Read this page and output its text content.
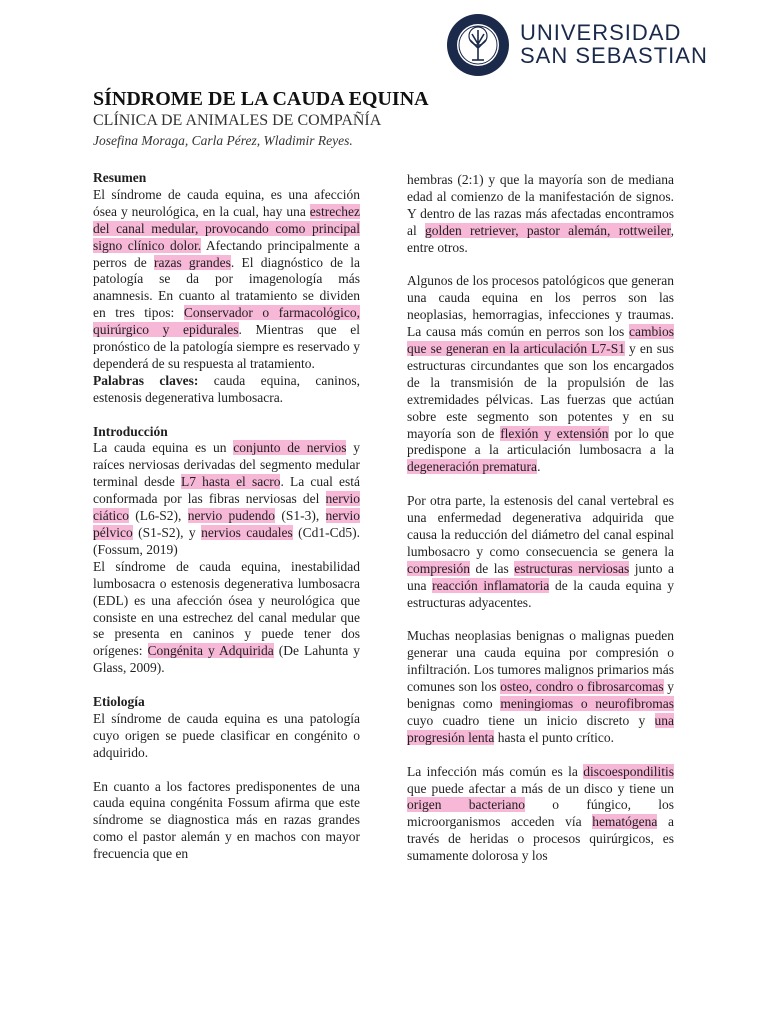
UNIVERSIDAD
SAN SEBASTIAN
SÍNDROME DE LA CAUDA EQUINA
CLÍNICA DE ANIMALES DE COMPAÑÍA
Josefina Moraga, Carla Pérez, Wladimir Reyes.

Resumen

El síndrome de cauda equina, es una afección ósea y neurológica, en la cual, hay una estrechez del canal medular, provocando como principal signo clínico dolor. Afectando principalmente a perros de razas grandes. El diagnóstico de la patología se da por imagenología más anamnesis. En cuanto al tratamiento se dividen en tres tipos: Conservador o farmacológico, quirúrgico y epidurales. Mientras que el pronóstico de la patología siempre es reservado y dependerá de su respuesta al tratamiento.

Palabras claves: cauda equina, caninos, estenosis degenerativa lumbosacra.

Introducción

La cauda equina es un conjunto de nervios y raíces nerviosas derivadas del segmento medular terminal desde L7 hasta el sacro. La cual está conformada por las fibras nerviosas del nervio ciático (L6-S2), nervio pudendo (S1-3), nervio pélvico (S1-S2), y nervios caudales (Cd1-Cd5). (Fossum, 2019)

El síndrome de cauda equina, inestabilidad lumbosacra o estenosis degenerativa lumbosacra (EDL) es una afección ósea y neurológica que consiste en una estrechez del canal medular que se presenta en caninos y puede tener dos orígenes: Congénita y Adquirida (De Lahunta y Glass, 2009).

Etiología

El síndrome de cauda equina es una patología cuyo origen se puede clasificar en congénito o adquirido.

En cuanto a los factores predisponentes de una cauda equina congénita Fossum afirma que este síndrome se diagnostica más en razas grandes como el pastor alemán y en machos con mayor frecuencia que en

hembras (2:1) y que la mayoría son de mediana edad al comienzo de la manifestación de signos. Y dentro de las razas más afectadas encontramos al golden retriever, pastor alemán, rottweiler, entre otros.

Algunos de los procesos patológicos que generan una cauda equina en los perros son las neoplasias, hemorragias, infecciones y traumas. La causa más común en perros son los cambios que se generan en la articulación L7-S1 y en sus estructuras circundantes que son los encargados de la transmisión de la propulsión de las extremidades pélvicas. Las fuerzas que actúan sobre este segmento son potentes y en su mayoría son de flexión y extensión por lo que predispone a la articulación lumbosacra a la degeneración prematura.

Por otra parte, la estenosis del canal vertebral es una enfermedad degenerativa adquirida que causa la reducción del diámetro del canal espinal lumbosacro y como consecuencia se genera la compresión de las estructuras nerviosas junto a una reacción inflamatoria de la cauda equina y estructuras adyacentes.

Muchas neoplasias benignas o malignas pueden generar una cauda equina por compresión o infiltración. Los tumores malignos primarios más comunes son los osteo, condro o fibrosarcomas y benignas como meningiomas o neurofibromas cuyo cuadro tiene un inicio discreto y una progresión lenta hasta el punto crítico.

La infección más común es la discoespondilitis que puede afectar a más de un disco y tiene un origen bacteriano o fúngico, los microorganismos acceden vía hematógena a través de heridas o procesos quirúrgicos, es sumamente dolorosa y los
